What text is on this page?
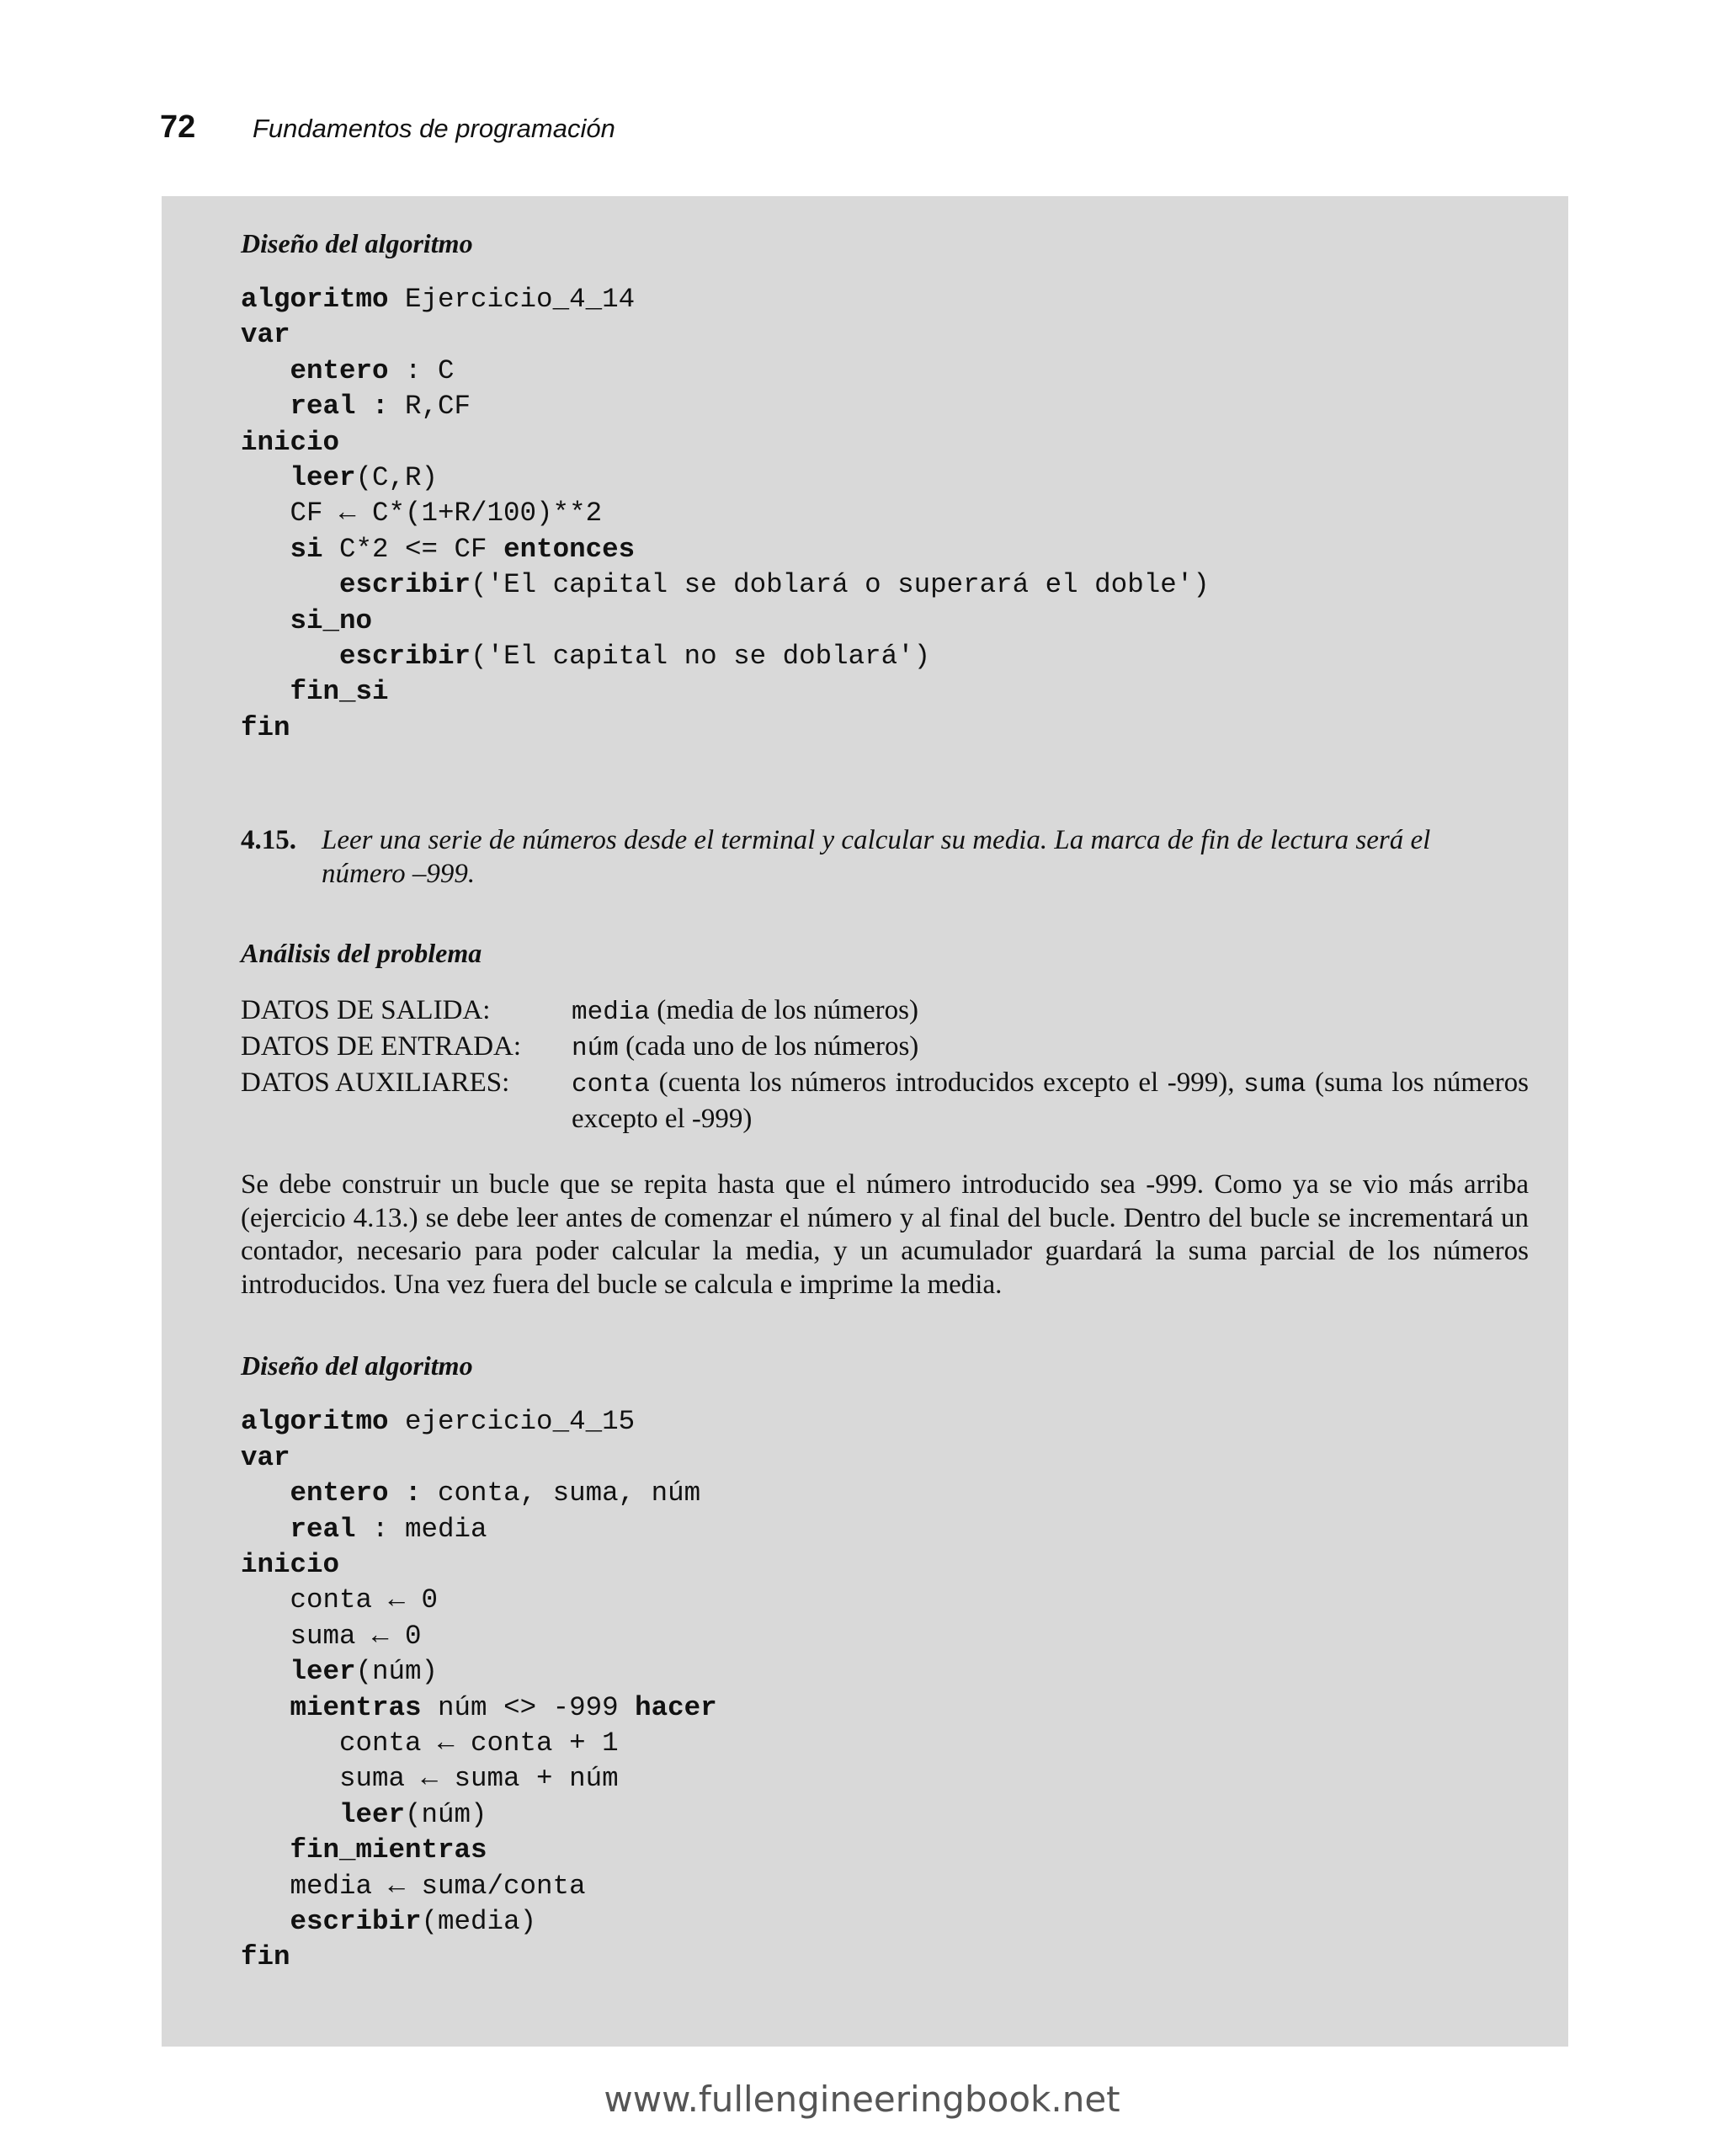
72 Fundamentos de programación

Diseño del algoritmo

algoritmo Ejercicio_4_14
var
entero : C
real : R,CF
inicio
leer(C,R)
CF ← C*(1+R/100)**2
si C*2 <= CF entonces
escribir('El capital se doblará o superará el doble')
si_no
escribir('El capital no se doblará')
fin_si
fin
4.15. Leer una serie de números desde el terminal y calcular su media. La marca de fin de lectura será el número –999.

Análisis del problema

DATOS DE SALIDA:	media (media de los números)
DATOS DE ENTRADA:	núm (cada uno de los números)
DATOS AUXILIARES:	conta (cuenta los números introducidos excepto el -999), suma (suma los números excepto el -999)

Se debe construir un bucle que se repita hasta que el número introducido sea -999. Como ya se vio más arriba (ejercicio 4.13.) se debe leer antes de comenzar el número y al final del bucle. Dentro del bucle se incrementará un contador, necesario para poder calcular la media, y un acumulador guardará la suma parcial de los números introducidos. Una vez fuera del bucle se calcula e imprime la media.

Diseño del algoritmo

algoritmo ejercicio_4_15
var
entero : conta, suma, núm
real : media
inicio
conta ← 0
suma ← 0
leer(núm)
mientras núm <> -999 hacer
conta ← conta + 1
suma ← suma + núm
leer(núm)
fin_mientras
media ← suma/conta
escribir(media)
fin
www.fullengineeringbook.net
